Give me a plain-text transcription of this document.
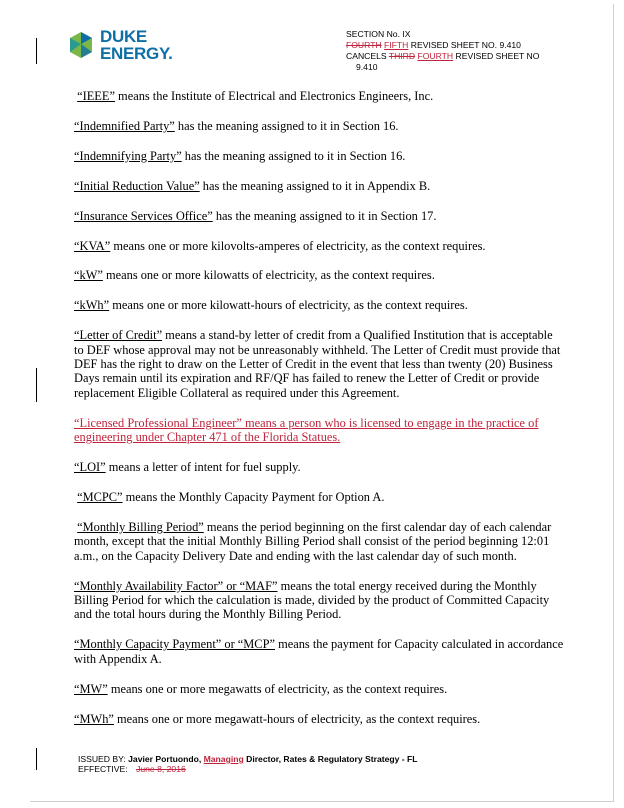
DUKE
ENERGY.
SECTION No. IX
FOURTH FIFTH REVISED SHEET NO. 9.410
CANCELS THIRD FOURTH REVISED SHEET NO
9.410

“IEEE” means the Institute of Electrical and Electronics Engineers, Inc.

“Indemnified Party” has the meaning assigned to it in Section 16.

“Indemnifying Party” has the meaning assigned to it in Section 16.

“Initial Reduction Value” has the meaning assigned to it in Appendix B.

“Insurance Services Office” has the meaning assigned to it in Section 17.

“KVA” means one or more kilovolts-amperes of electricity, as the context requires.

“kW” means one or more kilowatts of electricity, as the context requires.

“kWh” means one or more kilowatt-hours of electricity, as the context requires.

“Letter of Credit” means a stand-by letter of credit from a Qualified Institution that is acceptable to DEF whose approval may not be unreasonably withheld. The Letter of Credit must provide that DEF has the right to draw on the Letter of Credit in the event that less than twenty (20) Business Days remain until its expiration and RF/QF has failed to renew the Letter of Credit or provide replacement Eligible Collateral as required under this Agreement.

“Licensed Professional Engineer” means a person who is licensed to engage in the practice of engineering under Chapter 471 of the Florida Statues.

“LOI” means a letter of intent for fuel supply.

“MCPC” means the Monthly Capacity Payment for Option A.

“Monthly Billing Period” means the period beginning on the first calendar day of each calendar month, except that the initial Monthly Billing Period shall consist of the period beginning 12:01 a.m., on the Capacity Delivery Date and ending with the last calendar day of such month.

“Monthly Availability Factor” or “MAF” means the total energy received during the Monthly Billing Period for which the calculation is made, divided by the product of Committed Capacity and the total hours during the Monthly Billing Period.

“Monthly Capacity Payment” or “MCP” means the payment for Capacity calculated in accordance with Appendix A.

“MW” means one or more megawatts of electricity, as the context requires.

“MWh” means one or more megawatt-hours of electricity, as the context requires.

ISSUED BY: Javier Portuondo, Managing Director, Rates & Regulatory Strategy - FL
EFFECTIVE: June 8, 2016
